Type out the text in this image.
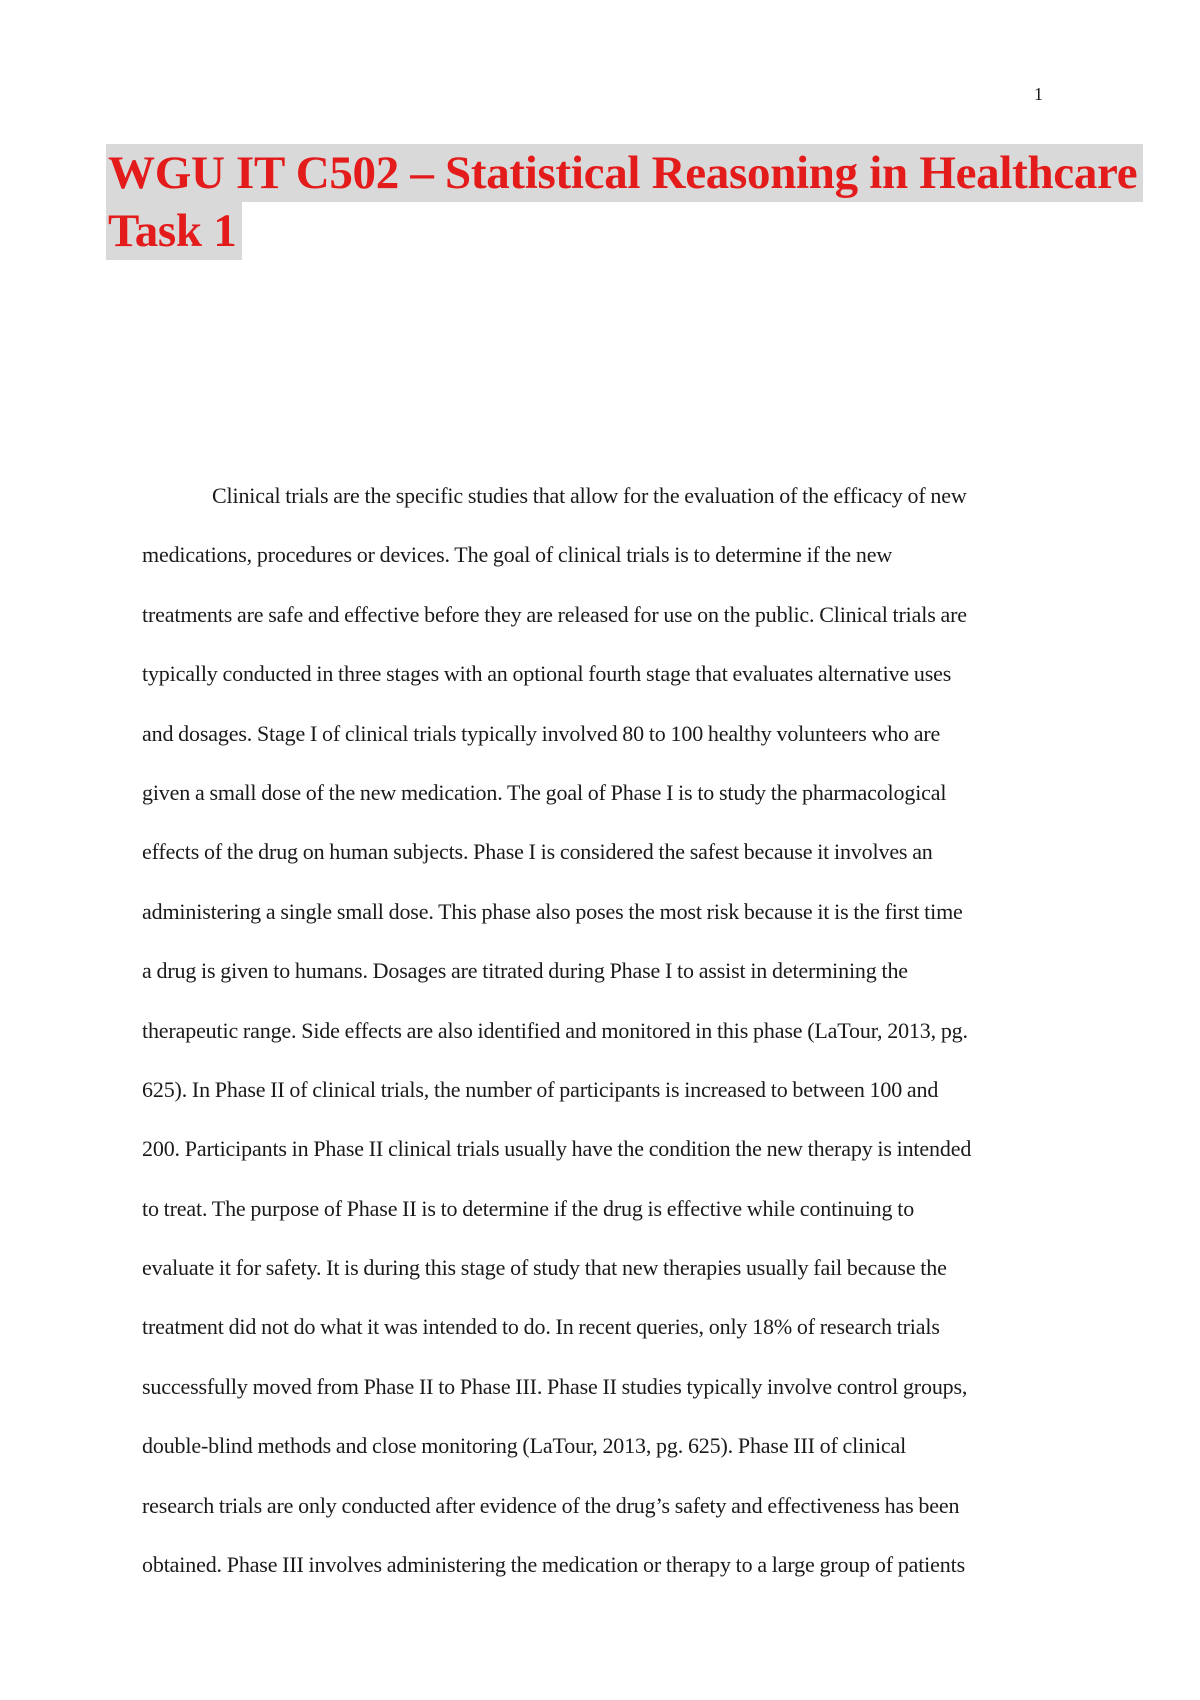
1
WGU IT C502 – Statistical Reasoning in Healthcare
Task 1
Clinical trials are the specific studies that allow for the evaluation of the efficacy of new
medications, procedures or devices. The goal of clinical trials is to determine if the new
treatments are safe and effective before they are released for use on the public. Clinical trials are
typically conducted in three stages with an optional fourth stage that evaluates alternative uses
and dosages. Stage I of clinical trials typically involved 80 to 100 healthy volunteers who are
given a small dose of the new medication. The goal of Phase I is to study the pharmacological
effects of the drug on human subjects. Phase I is considered the safest because it involves an
administering a single small dose. This phase also poses the most risk because it is the first time
a drug is given to humans. Dosages are titrated during Phase I to assist in determining the
therapeutic range. Side effects are also identified and monitored in this phase (LaTour, 2013, pg.
625). In Phase II of clinical trials, the number of participants is increased to between 100 and
200. Participants in Phase II clinical trials usually have the condition the new therapy is intended
to treat. The purpose of Phase II is to determine if the drug is effective while continuing to
evaluate it for safety. It is during this stage of study that new therapies usually fail because the
treatment did not do what it was intended to do. In recent queries, only 18% of research trials
successfully moved from Phase II to Phase III. Phase II studies typically involve control groups,
double-blind methods and close monitoring (LaTour, 2013, pg. 625). Phase III of clinical
research trials are only conducted after evidence of the drug’s safety and effectiveness has been
obtained. Phase III involves administering the medication or therapy to a large group of patients
